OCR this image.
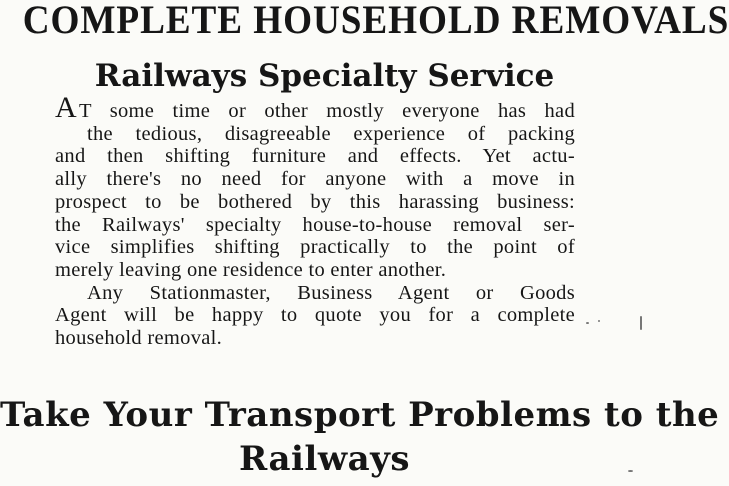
COMPLETE HOUSEHOLD REMOVALS
Railways Specialty Service
AT some time or other mostly everyone has had
the tedious, disagreeable experience of packing
and then shifting furniture and effects. Yet actu-
ally there's no need for anyone with a move in
prospect to be bothered by this harassing business:
the Railways' specialty house-to-house removal ser-
vice simplifies shifting practically to the point of
merely leaving one residence to enter another.
Any Stationmaster, Business Agent or Goods
Agent will be happy to quote you for a complete
household removal.
Take Your Transport Problems to the
Railways
